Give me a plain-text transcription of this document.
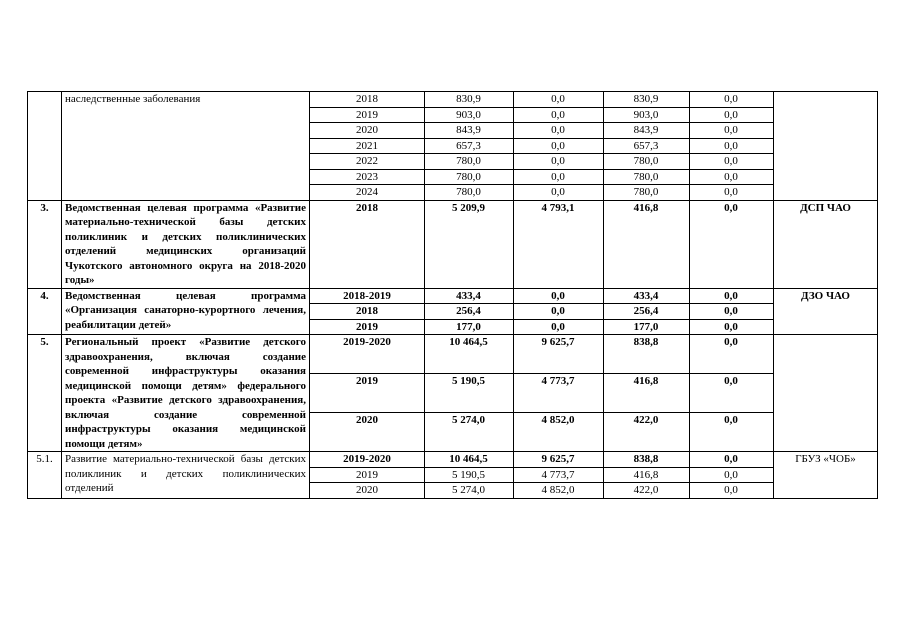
	наследственные заболевания	2018	830,9	0,0	830,9	0,0	
		2019	903,0	0,0	903,0	0,0	
		2020	843,9	0,0	843,9	0,0	
		2021	657,3	0,0	657,3	0,0	
		2022	780,0	0,0	780,0	0,0	
		2023	780,0	0,0	780,0	0,0	
		2024	780,0	0,0	780,0	0,0	
3.	Ведомственная целевая программа «Развитие материально-технической базы детских поликлиник и детских поликлинических отделений медицинских организаций Чукотского автономного округа на 2018-2020 годы»	2018	5 209,9	4 793,1	416,8	0,0	ДСП ЧАО
4.	Ведомственная целевая программа «Организация санаторно-курортного лечения, реабилитации детей»	2018-2019	433,4	0,0	433,4	0,0	ДЗО ЧАО
		2018	256,4	0,0	256,4	0,0	
		2019	177,0	0,0	177,0	0,0	
5.	Региональный проект «Развитие детского здравоохранения, включая создание современной инфраструктуры оказания медицинской помощи детям» федерального проекта «Развитие детского здравоохранения, включая создание современной инфраструктуры оказания медицинской помощи детям»	2019-2020	10 464,5	9 625,7	838,8	0,0	
		2019	5 190,5	4 773,7	416,8	0,0	
		2020	5 274,0	4 852,0	422,0	0,0	
5.1.	Развитие материально-технической базы детских поликлиник и детских поликлинических отделений	2019-2020	10 464,5	9 625,7	838,8	0,0	ГБУЗ «ЧОБ»
		2019	5 190,5	4 773,7	416,8	0,0	
		2020	5 274,0	4 852,0	422,0	0,0	
